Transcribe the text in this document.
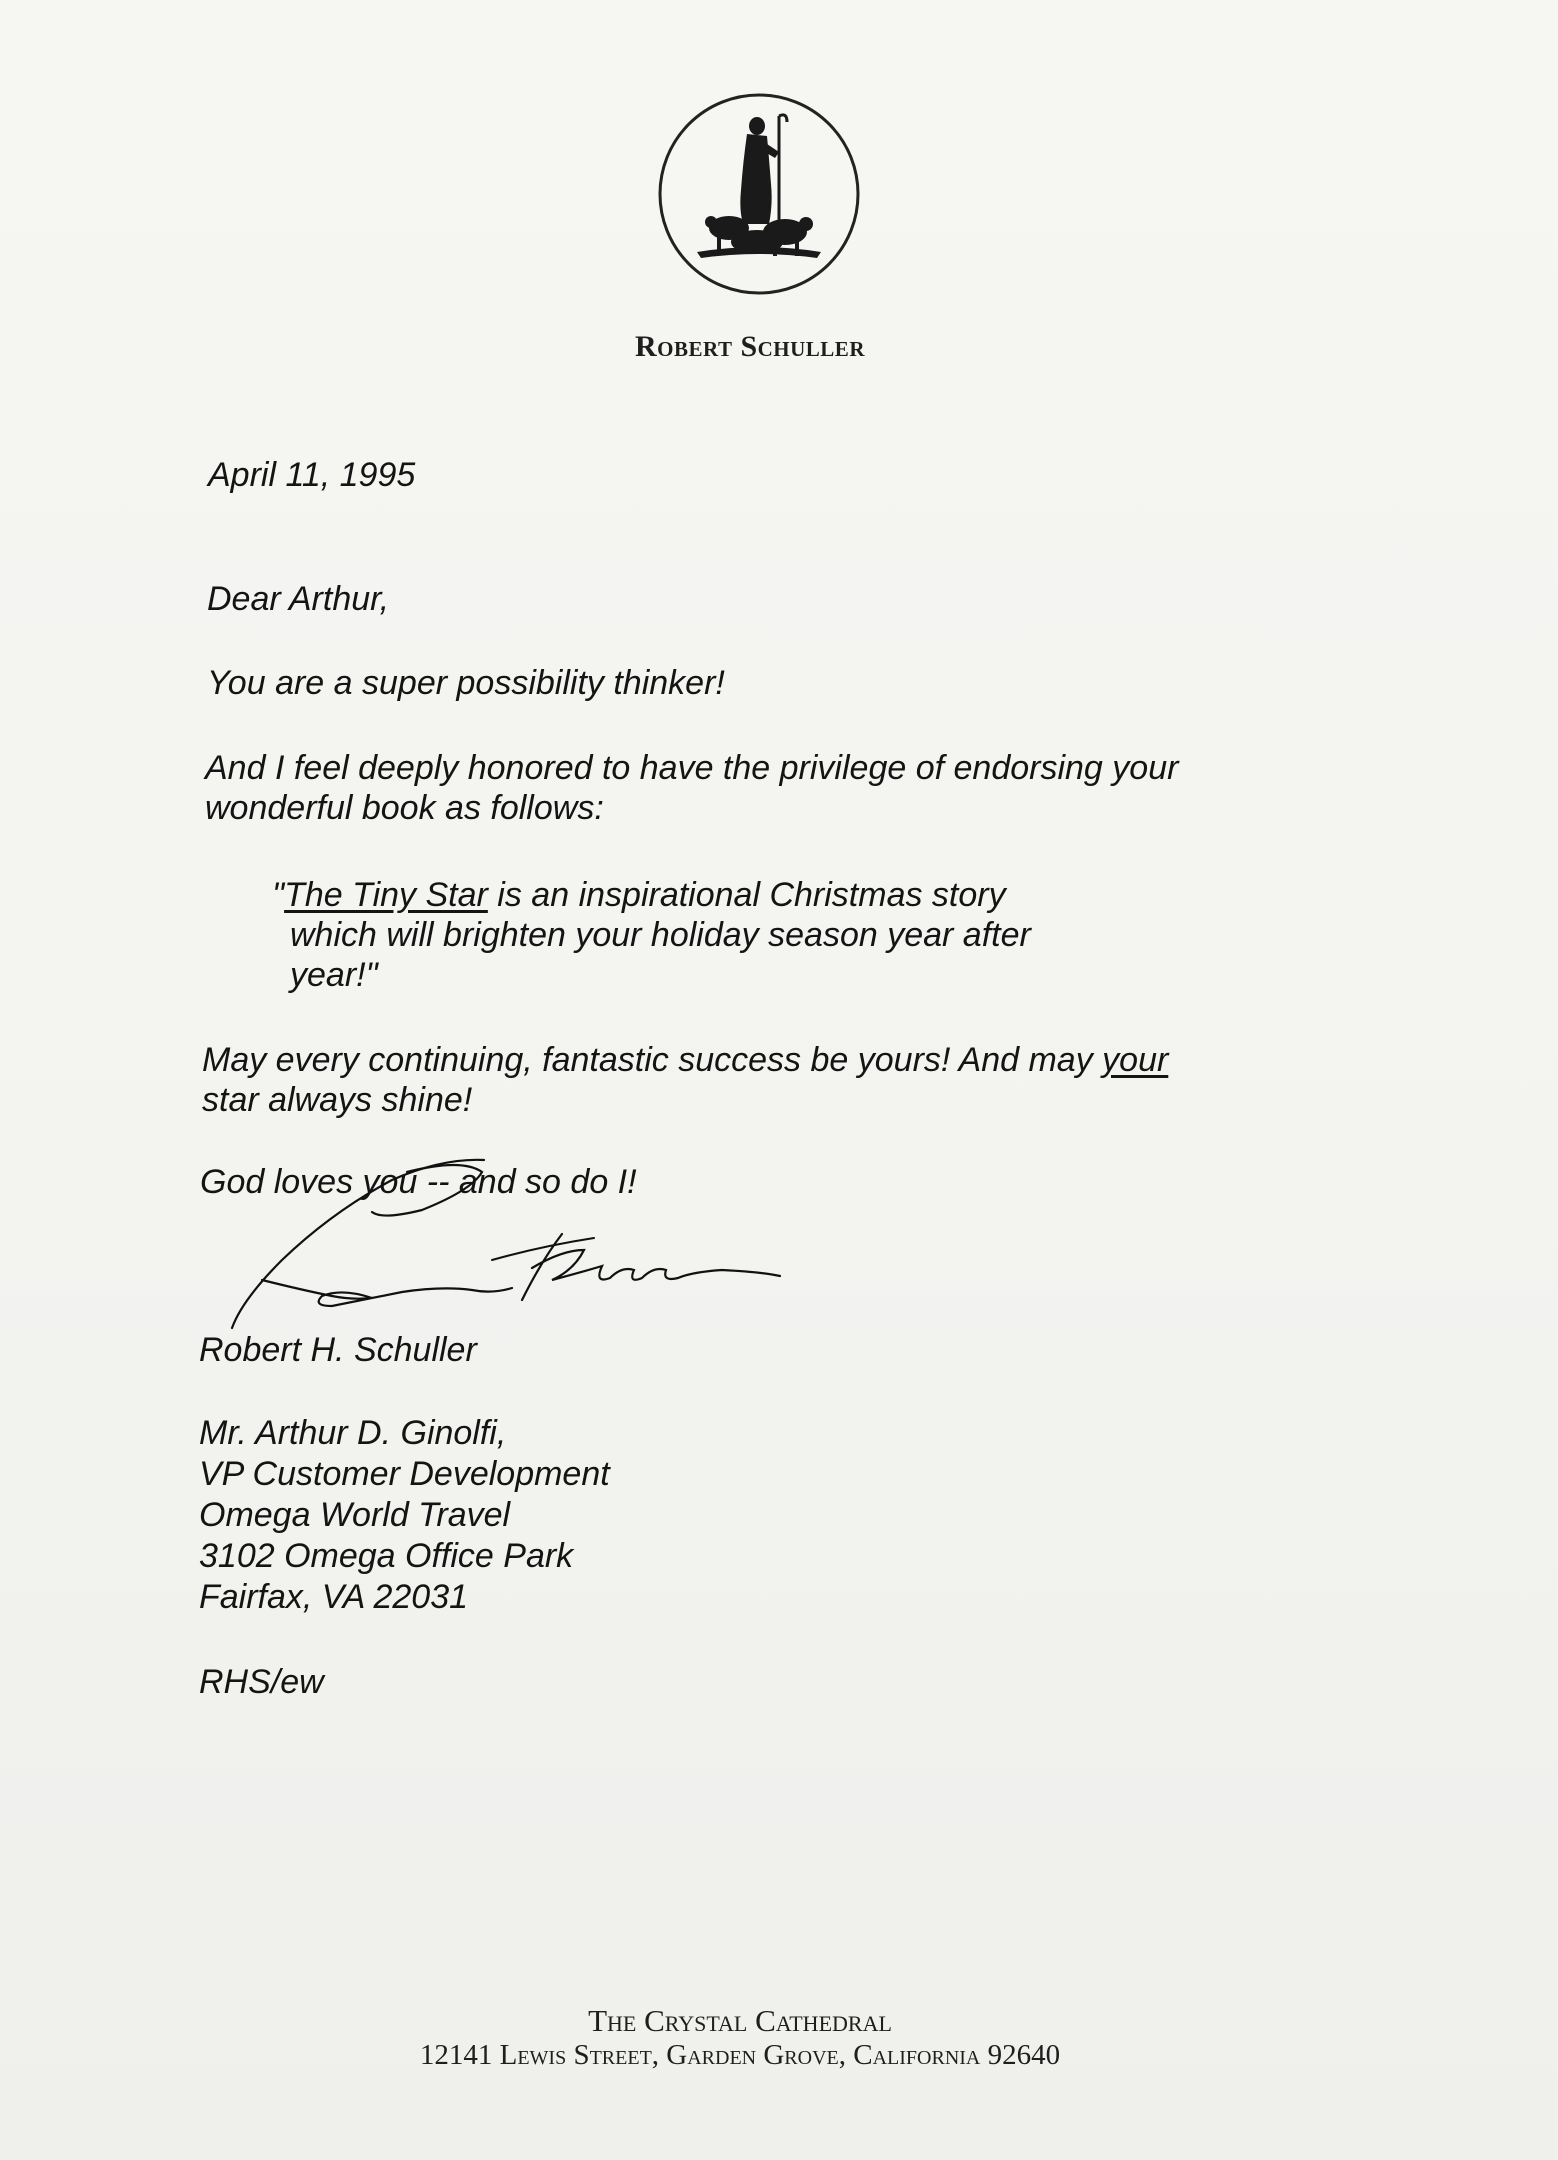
Robert Schuller
April 11, 1995
Dear Arthur,
You are a super possibility thinker!
And I feel deeply honored to have the privilege of endorsing your
wonderful book as follows:
"The Tiny Star is an inspirational Christmas story
which will brighten your holiday season year after
year!"
May every continuing, fantastic success be yours! And may your
star always shine!
God loves you -- and so do I!
Robert H. Schuller
Mr. Arthur D. Ginolfi,
VP Customer Development
Omega World Travel
3102 Omega Office Park
Fairfax, VA 22031
RHS/ew
The Crystal Cathedral
12141 Lewis Street, Garden Grove, California 92640
